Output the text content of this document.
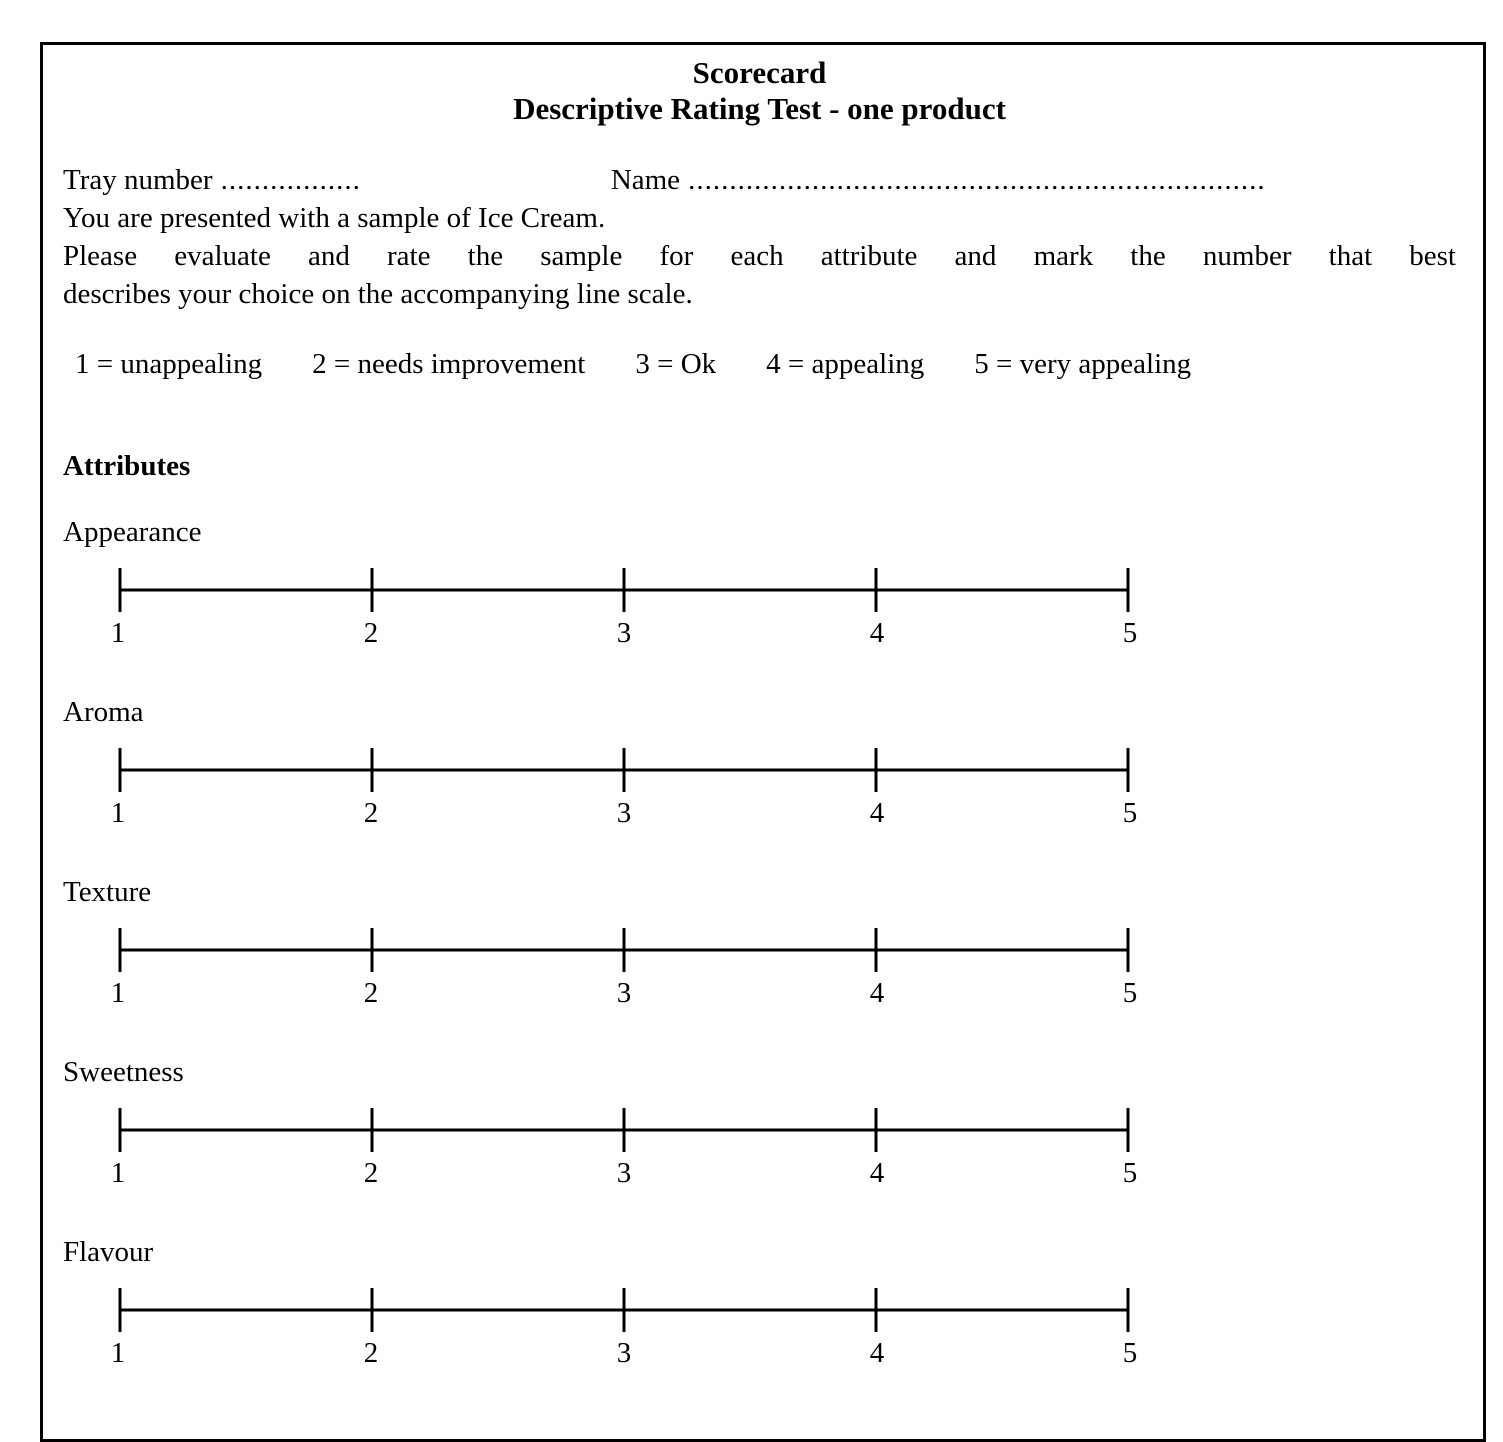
Scorecard
Descriptive Rating Test - one product
Tray number .................	Name ......................................................................

You are presented with a sample of Ice Cream.

Please evaluate and rate the sample for each attribute and mark the number that best

describes your choice on the accompanying line scale.

1 = unappealing 2 = needs improvement 3 = Ok 4 = appealing 5 = very appealing
Attributes
Appearance
1	2	3	4	5
Aroma
1	2	3	4	5
Texture
1	2	3	4	5
Sweetness
1	2	3	4	5
Flavour
1	2	3	4	5
